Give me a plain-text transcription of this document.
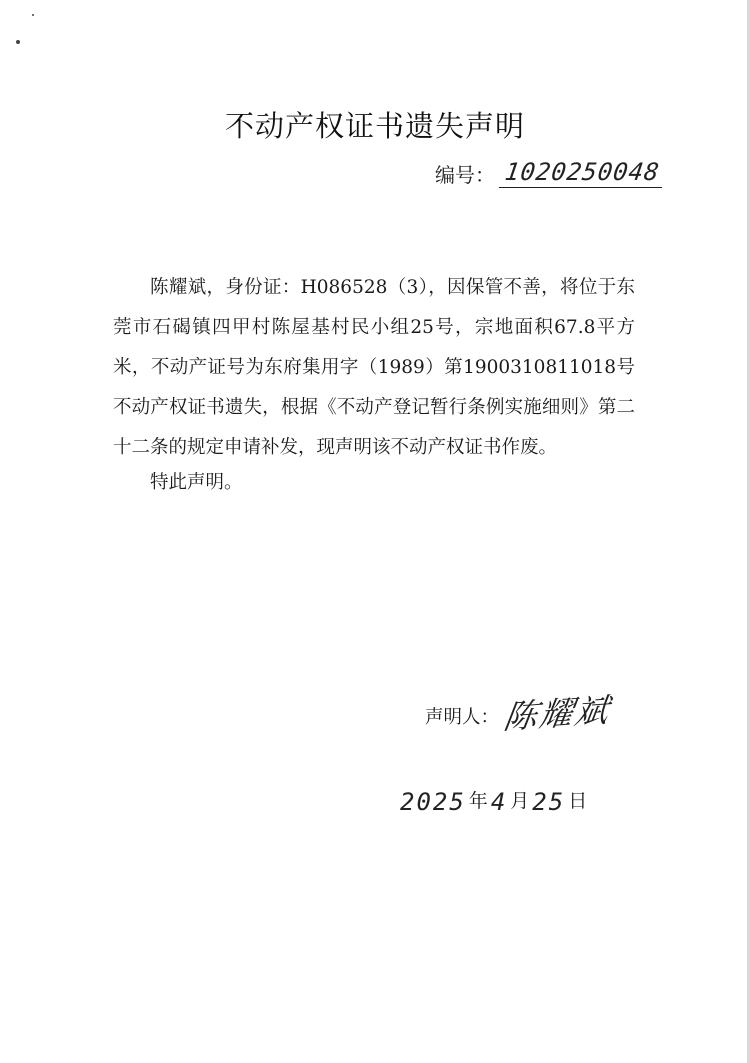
不动产权证书遗失声明
编号： 1020250048

陈耀斌，身份证：H086528（3），因保管不善，将位于东莞市石碣镇四甲村陈屋基村民小组25号，宗地面积67.8平方米，不动产证号为东府集用字（1989）第1900310811018号不动产权证书遗失，根据《不动产登记暂行条例实施细则》第二十二条的规定申请补发，现声明该不动产权证书作废。

特此声明。
声明人： 陈耀斌
2025 年 4 月 25 日
